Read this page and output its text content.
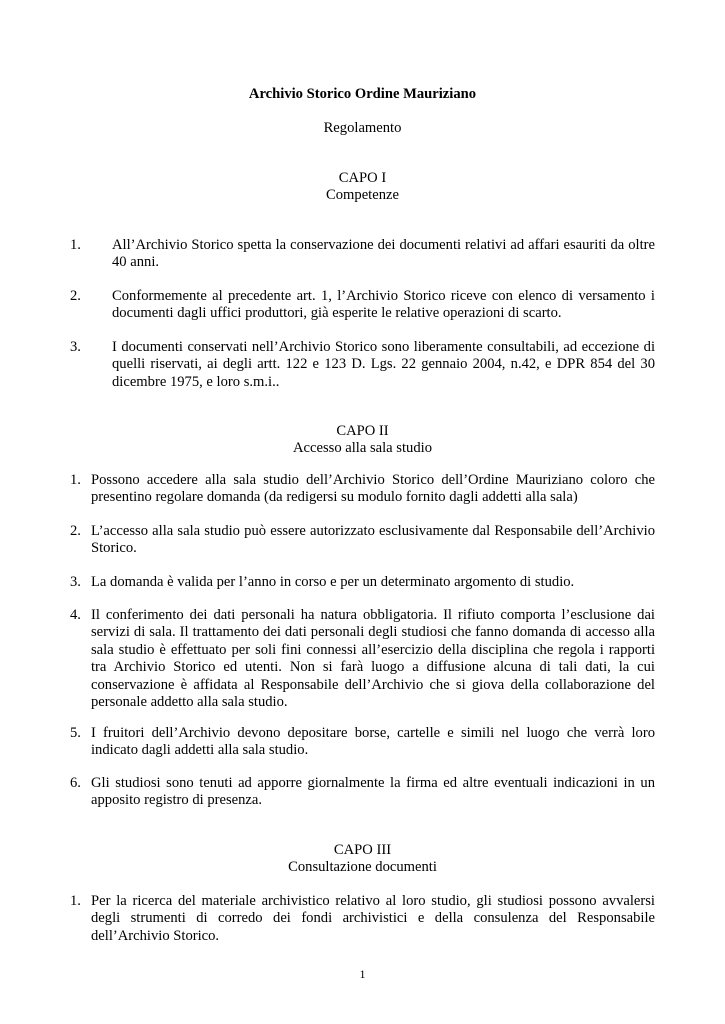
Archivio Storico Ordine Mauriziano
Regolamento
CAPO I
Competenze
1. All’Archivio Storico spetta la conservazione dei documenti relativi ad affari esauriti da oltre 40 anni.
2. Conformemente al precedente art. 1, l’Archivio Storico riceve con elenco di versamento i documenti dagli uffici produttori, già esperite le relative operazioni di scarto.
3. I documenti conservati nell’Archivio Storico sono liberamente consultabili, ad eccezione di quelli riservati, ai degli artt. 122 e 123 D. Lgs. 22 gennaio 2004, n.42, e DPR 854 del 30 dicembre 1975, e loro s.m.i..
CAPO II
Accesso alla sala studio
1. Possono accedere alla sala studio dell’Archivio Storico dell’Ordine Mauriziano coloro che presentino regolare domanda (da redigersi su modulo fornito dagli addetti alla sala)
2. L’accesso alla sala studio può essere autorizzato esclusivamente dal Responsabile dell’Archivio Storico.
3. La domanda è valida per l’anno in corso e per un determinato argomento di studio.
4. Il conferimento dei dati personali ha natura obbligatoria. Il rifiuto comporta l’esclusione dai servizi di sala. Il trattamento dei dati personali degli studiosi che fanno domanda di accesso alla sala studio è effettuato per soli fini connessi all’esercizio della disciplina che regola i rapporti tra Archivio Storico ed utenti. Non si farà luogo a diffusione alcuna di tali dati, la cui conservazione è affidata al Responsabile dell’Archivio che si giova della collaborazione del personale addetto alla sala studio.
5. I fruitori dell’Archivio devono depositare borse, cartelle e simili nel luogo che verrà loro indicato dagli addetti alla sala studio.
6. Gli studiosi sono tenuti ad apporre giornalmente la firma ed altre eventuali indicazioni in un apposito registro di presenza.
CAPO III
Consultazione documenti
1. Per la ricerca del materiale archivistico relativo al loro studio, gli studiosi possono avvalersi degli strumenti di corredo dei fondi archivistici e della consulenza del Responsabile dell’Archivio Storico.
1
